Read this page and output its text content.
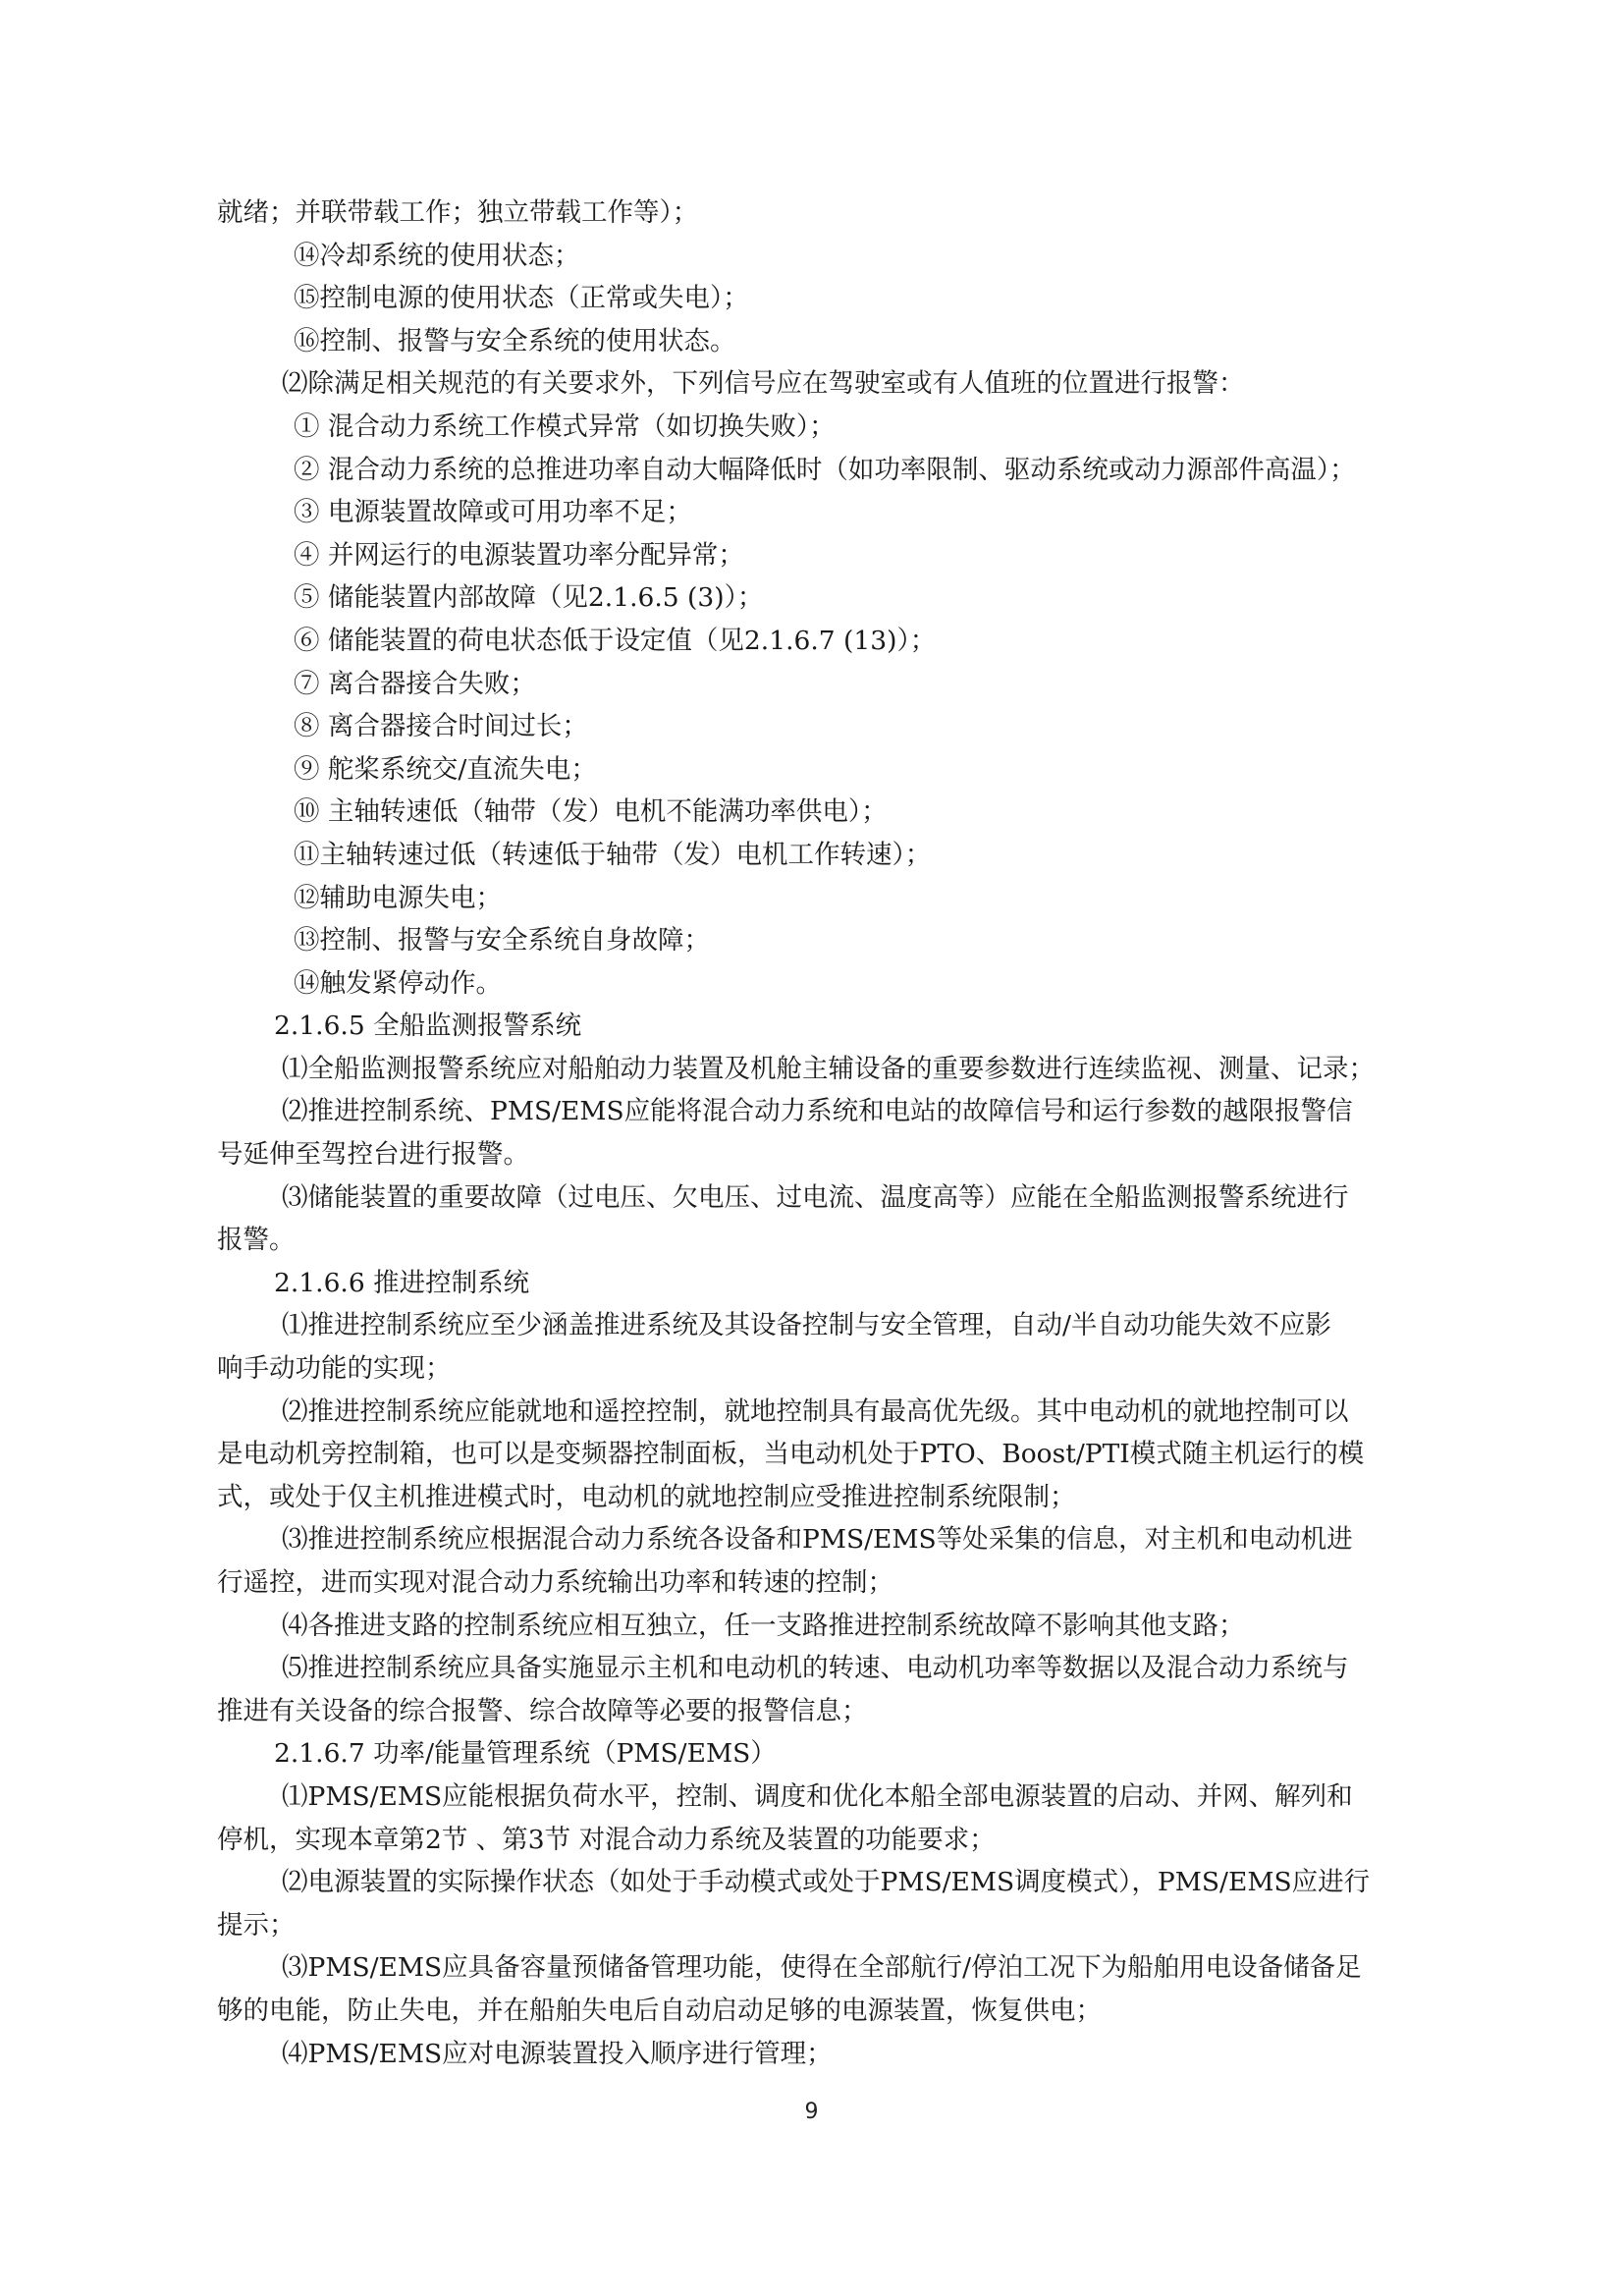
就绪；并联带载工作；独立带载工作等）；
⑭冷却系统的使用状态；
⑮控制电源的使用状态（正常或失电）；
⑯控制、报警与安全系统的使用状态。
⑵除满足相关规范的有关要求外，下列信号应在驾驶室或有人值班的位置进行报警：
① 混合动力系统工作模式异常（如切换失败）；
② 混合动力系统的总推进功率自动大幅降低时（如功率限制、驱动系统或动力源部件高温）；
③ 电源装置故障或可用功率不足；
④ 并网运行的电源装置功率分配异常；
⑤ 储能装置内部故障（见2.1.6.5 (3)）；
⑥ 储能装置的荷电状态低于设定值（见2.1.6.7 (13)）；
⑦ 离合器接合失败；
⑧ 离合器接合时间过长；
⑨ 舵桨系统交/直流失电；
⑩ 主轴转速低（轴带（发）电机不能满功率供电）；
⑪主轴转速过低（转速低于轴带（发）电机工作转速）；
⑫辅助电源失电；
⑬控制、报警与安全系统自身故障；
⑭触发紧停动作。
2.1.6.5 全船监测报警系统
⑴全船监测报警系统应对船舶动力装置及机舱主辅设备的重要参数进行连续监视、测量、记录；
⑵推进控制系统、PMS/EMS应能将混合动力系统和电站的故障信号和运行参数的越限报警信
号延伸至驾控台进行报警。
⑶储能装置的重要故障（过电压、欠电压、过电流、温度高等）应能在全船监测报警系统进行
报警。
2.1.6.6 推进控制系统
⑴推进控制系统应至少涵盖推进系统及其设备控制与安全管理，自动/半自动功能失效不应影
响手动功能的实现；
⑵推进控制系统应能就地和遥控控制，就地控制具有最高优先级。其中电动机的就地控制可以
是电动机旁控制箱，也可以是变频器控制面板，当电动机处于PTO、Boost/PTI模式随主机运行的模
式，或处于仅主机推进模式时，电动机的就地控制应受推进控制系统限制；
⑶推进控制系统应根据混合动力系统各设备和PMS/EMS等处采集的信息，对主机和电动机进
行遥控，进而实现对混合动力系统输出功率和转速的控制；
⑷各推进支路的控制系统应相互独立，任一支路推进控制系统故障不影响其他支路；
⑸推进控制系统应具备实施显示主机和电动机的转速、电动机功率等数据以及混合动力系统与
推进有关设备的综合报警、综合故障等必要的报警信息；
2.1.6.7 功率/能量管理系统（PMS/EMS）
⑴PMS/EMS应能根据负荷水平，控制、调度和优化本船全部电源装置的启动、并网、解列和
停机，实现本章第2节 、第3节 对混合动力系统及装置的功能要求；
⑵电源装置的实际操作状态（如处于手动模式或处于PMS/EMS调度模式），PMS/EMS应进行
提示；
⑶PMS/EMS应具备容量预储备管理功能，使得在全部航行/停泊工况下为船舶用电设备储备足
够的电能，防止失电，并在船舶失电后自动启动足够的电源装置，恢复供电；
⑷PMS/EMS应对电源装置投入顺序进行管理；
9
